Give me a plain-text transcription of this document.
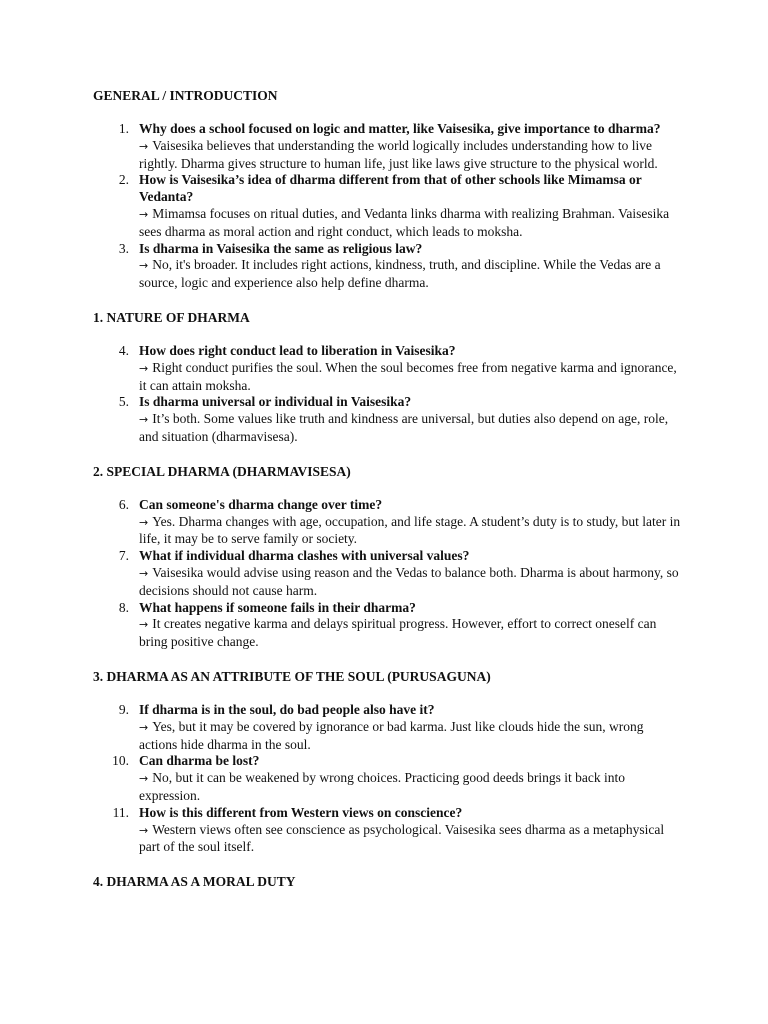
GENERAL / INTRODUCTION
1. Why does a school focused on logic and matter, like Vaisesika, give importance to dharma?
→ Vaisesika believes that understanding the world logically includes understanding how to live rightly. Dharma gives structure to human life, just like laws give structure to the physical world.
2. How is Vaisesika’s idea of dharma different from that of other schools like Mimamsa or Vedanta?
→ Mimamsa focuses on ritual duties, and Vedanta links dharma with realizing Brahman. Vaisesika sees dharma as moral action and right conduct, which leads to moksha.
3. Is dharma in Vaisesika the same as religious law?
→ No, it's broader. It includes right actions, kindness, truth, and discipline. While the Vedas are a source, logic and experience also help define dharma.
1. NATURE OF DHARMA
4. How does right conduct lead to liberation in Vaisesika?
→ Right conduct purifies the soul. When the soul becomes free from negative karma and ignorance, it can attain moksha.
5. Is dharma universal or individual in Vaisesika?
→ It’s both. Some values like truth and kindness are universal, but duties also depend on age, role, and situation (dharmavisesa).
2. SPECIAL DHARMA (DHARMAVISESA)
6. Can someone's dharma change over time?
→ Yes. Dharma changes with age, occupation, and life stage. A student’s duty is to study, but later in life, it may be to serve family or society.
7. What if individual dharma clashes with universal values?
→ Vaisesika would advise using reason and the Vedas to balance both. Dharma is about harmony, so decisions should not cause harm.
8. What happens if someone fails in their dharma?
→ It creates negative karma and delays spiritual progress. However, effort to correct oneself can bring positive change.
3. DHARMA AS AN ATTRIBUTE OF THE SOUL (PURUSAGUNA)
9. If dharma is in the soul, do bad people also have it?
→ Yes, but it may be covered by ignorance or bad karma. Just like clouds hide the sun, wrong actions hide dharma in the soul.
10. Can dharma be lost?
→ No, but it can be weakened by wrong choices. Practicing good deeds brings it back into expression.
11. How is this different from Western views on conscience?
→ Western views often see conscience as psychological. Vaisesika sees dharma as a metaphysical part of the soul itself.
4. DHARMA AS A MORAL DUTY
